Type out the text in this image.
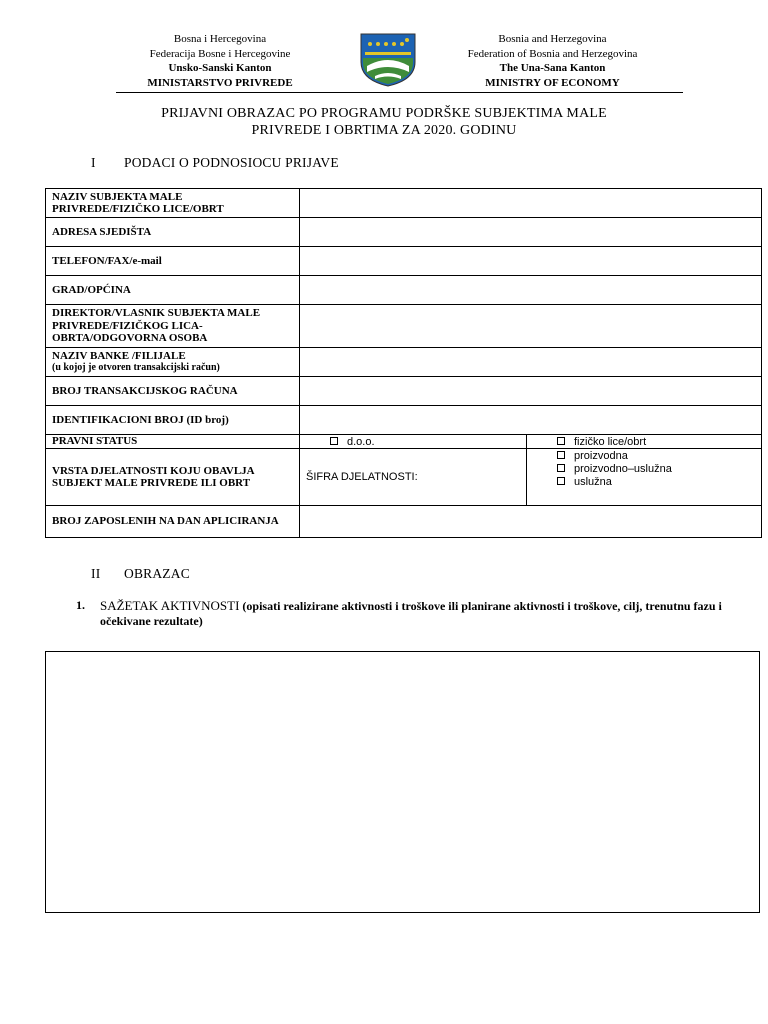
Bosna i Hercegovina
Federacija Bosne i Hercegovine
Unsko-Sanski Kanton
MINISTARSTVO PRIVREDE
Bosnia and Herzegovina
Federation of Bosnia and Herzegovina
The Una-Sana Kanton
MINISTRY OF ECONOMY
PRIJAVNI OBRAZAC PO PROGRAMU PODRŠKE SUBJEKTIMA MALE
PRIVREDE I OBRTIMA ZA 2020. GODINU
I PODACI O PODNOSIOCU PRIJAVE
NAZIV SUBJEKTA MALE PRIVREDE/FIZIČKO LICE/OBRT		
ADRESA SJEDIŠTA		
TELEFON/FAX/e-mail		
GRAD/OPĆINA		
DIREKTOR/VLASNIK SUBJEKTA MALE PRIVREDE/FIZIČKOG LICA-OBRTA/ODGOVORNA OSOBA		

NAZIV BANKE /FILIJALE
(u kojoj je otvoren transakcijski račun)		

BROJ TRANSAKCIJSKOG RAČUNA		
IDENTIFIKACIONI BROJ (ID broj)		
PRAVNI STATUS	d.o.o.	fizičko lice/obrt
VRSTA DJELATNOSTI KOJU OBAVLJA SUBJEKT MALE PRIVREDE ILI OBRT	ŠIFRA DJELATNOSTI:	proizvodna
proizvodno–uslužna
uslužna

BROJ ZAPOSLENIH NA DAN APLICIRANJA		
II OBRAZAC
1. SAŽETAK AKTIVNOSTI (opisati realizirane aktivnosti i troškove ili planirane aktivnosti i troškove, cilj, trenutnu fazu i očekivane rezultate)
